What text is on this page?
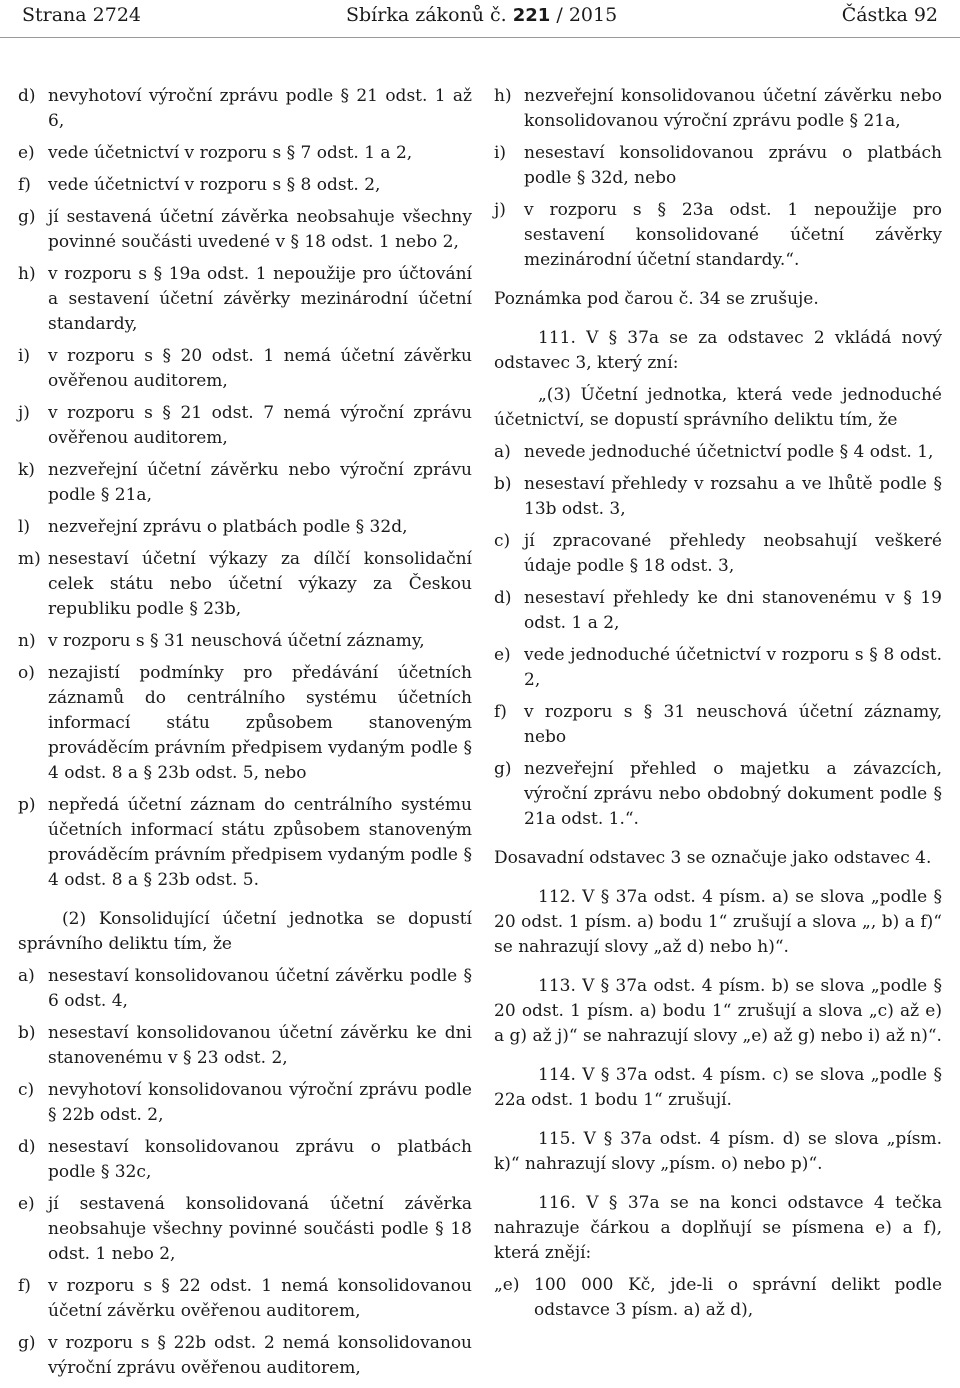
Strana 2724	Sbírka zákonů č. 221 / 2015	Částka 92
d) nevyhotoví výroční zprávu podle § 21 odst. 1 až 6,
e) vede účetnictví v rozporu s § 7 odst. 1 a 2,
f) vede účetnictví v rozporu s § 8 odst. 2,
g) jí sestavená účetní závěrka neobsahuje všechny povinné součásti uvedené v § 18 odst. 1 nebo 2,
h) v rozporu s § 19a odst. 1 nepoužije pro účtování a sestavení účetní závěrky mezinárodní účetní standardy,
i) v rozporu s § 20 odst. 1 nemá účetní závěrku ověřenou auditorem,
j) v rozporu s § 21 odst. 7 nemá výroční zprávu ověřenou auditorem,
k) nezveřejní účetní závěrku nebo výroční zprávu podle § 21a,
l) nezveřejní zprávu o platbách podle § 32d,
m) nesestaví účetní výkazy za dílčí konsolidační celek státu nebo účetní výkazy za Českou republiku podle § 23b,
n) v rozporu s § 31 neuschová účetní záznamy,
o) nezajistí podmínky pro předávání účetních záznamů do centrálního systému účetních informací státu způsobem stanoveným prováděcím právním předpisem vydaným podle § 4 odst. 8 a § 23b odst. 5, nebo
p) nepředá účetní záznam do centrálního systému účetních informací státu způsobem stanoveným prováděcím právním předpisem vydaným podle § 4 odst. 8 a § 23b odst. 5.
(2) Konsolidující účetní jednotka se dopustí správního deliktu tím, že
a) nesestaví konsolidovanou účetní závěrku podle § 6 odst. 4,
b) nesestaví konsolidovanou účetní závěrku ke dni stanovenému v § 23 odst. 2,
c) nevyhotoví konsolidovanou výroční zprávu podle § 22b odst. 2,
d) nesestaví konsolidovanou zprávu o platbách podle § 32c,
e) jí sestavená konsolidovaná účetní závěrka neobsahuje všechny povinné součásti podle § 18 odst. 1 nebo 2,
f) v rozporu s § 22 odst. 1 nemá konsolidovanou účetní závěrku ověřenou auditorem,
g) v rozporu s § 22b odst. 2 nemá konsolidovanou výroční zprávu ověřenou auditorem,
h) nezveřejní konsolidovanou účetní závěrku nebo konsolidovanou výroční zprávu podle § 21a,
i) nesestaví konsolidovanou zprávu o platbách podle § 32d, nebo
j) v rozporu s § 23a odst. 1 nepoužije pro sestavení konsolidované účetní závěrky mezinárodní účetní standardy.“.
Poznámka pod čarou č. 34 se zrušuje.
111. V § 37a se za odstavec 2 vkládá nový odstavec 3, který zní:
„(3) Účetní jednotka, která vede jednoduché účetnictví, se dopustí správního deliktu tím, že
a) nevede jednoduché účetnictví podle § 4 odst. 1,
b) nesestaví přehledy v rozsahu a ve lhůtě podle § 13b odst. 3,
c) jí zpracované přehledy neobsahují veškeré údaje podle § 18 odst. 3,
d) nesestaví přehledy ke dni stanovenému v § 19 odst. 1 a 2,
e) vede jednoduché účetnictví v rozporu s § 8 odst. 2,
f) v rozporu s § 31 neuschová účetní záznamy, nebo
g) nezveřejní přehled o majetku a závazcích, výroční zprávu nebo obdobný dokument podle § 21a odst. 1.“.
Dosavadní odstavec 3 se označuje jako odstavec 4.
112. V § 37a odst. 4 písm. a) se slova „podle § 20 odst. 1 písm. a) bodu 1“ zrušují a slova „, b) a f)“ se nahrazují slovy „až d) nebo h)“.
113. V § 37a odst. 4 písm. b) se slova „podle § 20 odst. 1 písm. a) bodu 1“ zrušují a slova „c) až e) a g) až j)“ se nahrazují slovy „e) až g) nebo i) až n)“.
114. V § 37a odst. 4 písm. c) se slova „podle § 22a odst. 1 bodu 1“ zrušují.
115. V § 37a odst. 4 písm. d) se slova „písm. k)“ nahrazují slovy „písm. o) nebo p)“.
116. V § 37a se na konci odstavce 4 tečka nahrazuje čárkou a doplňují se písmena e) a f), která znějí:
„e) 100 000 Kč, jde-li o správní delikt podle odstavce 3 písm. a) až d),
